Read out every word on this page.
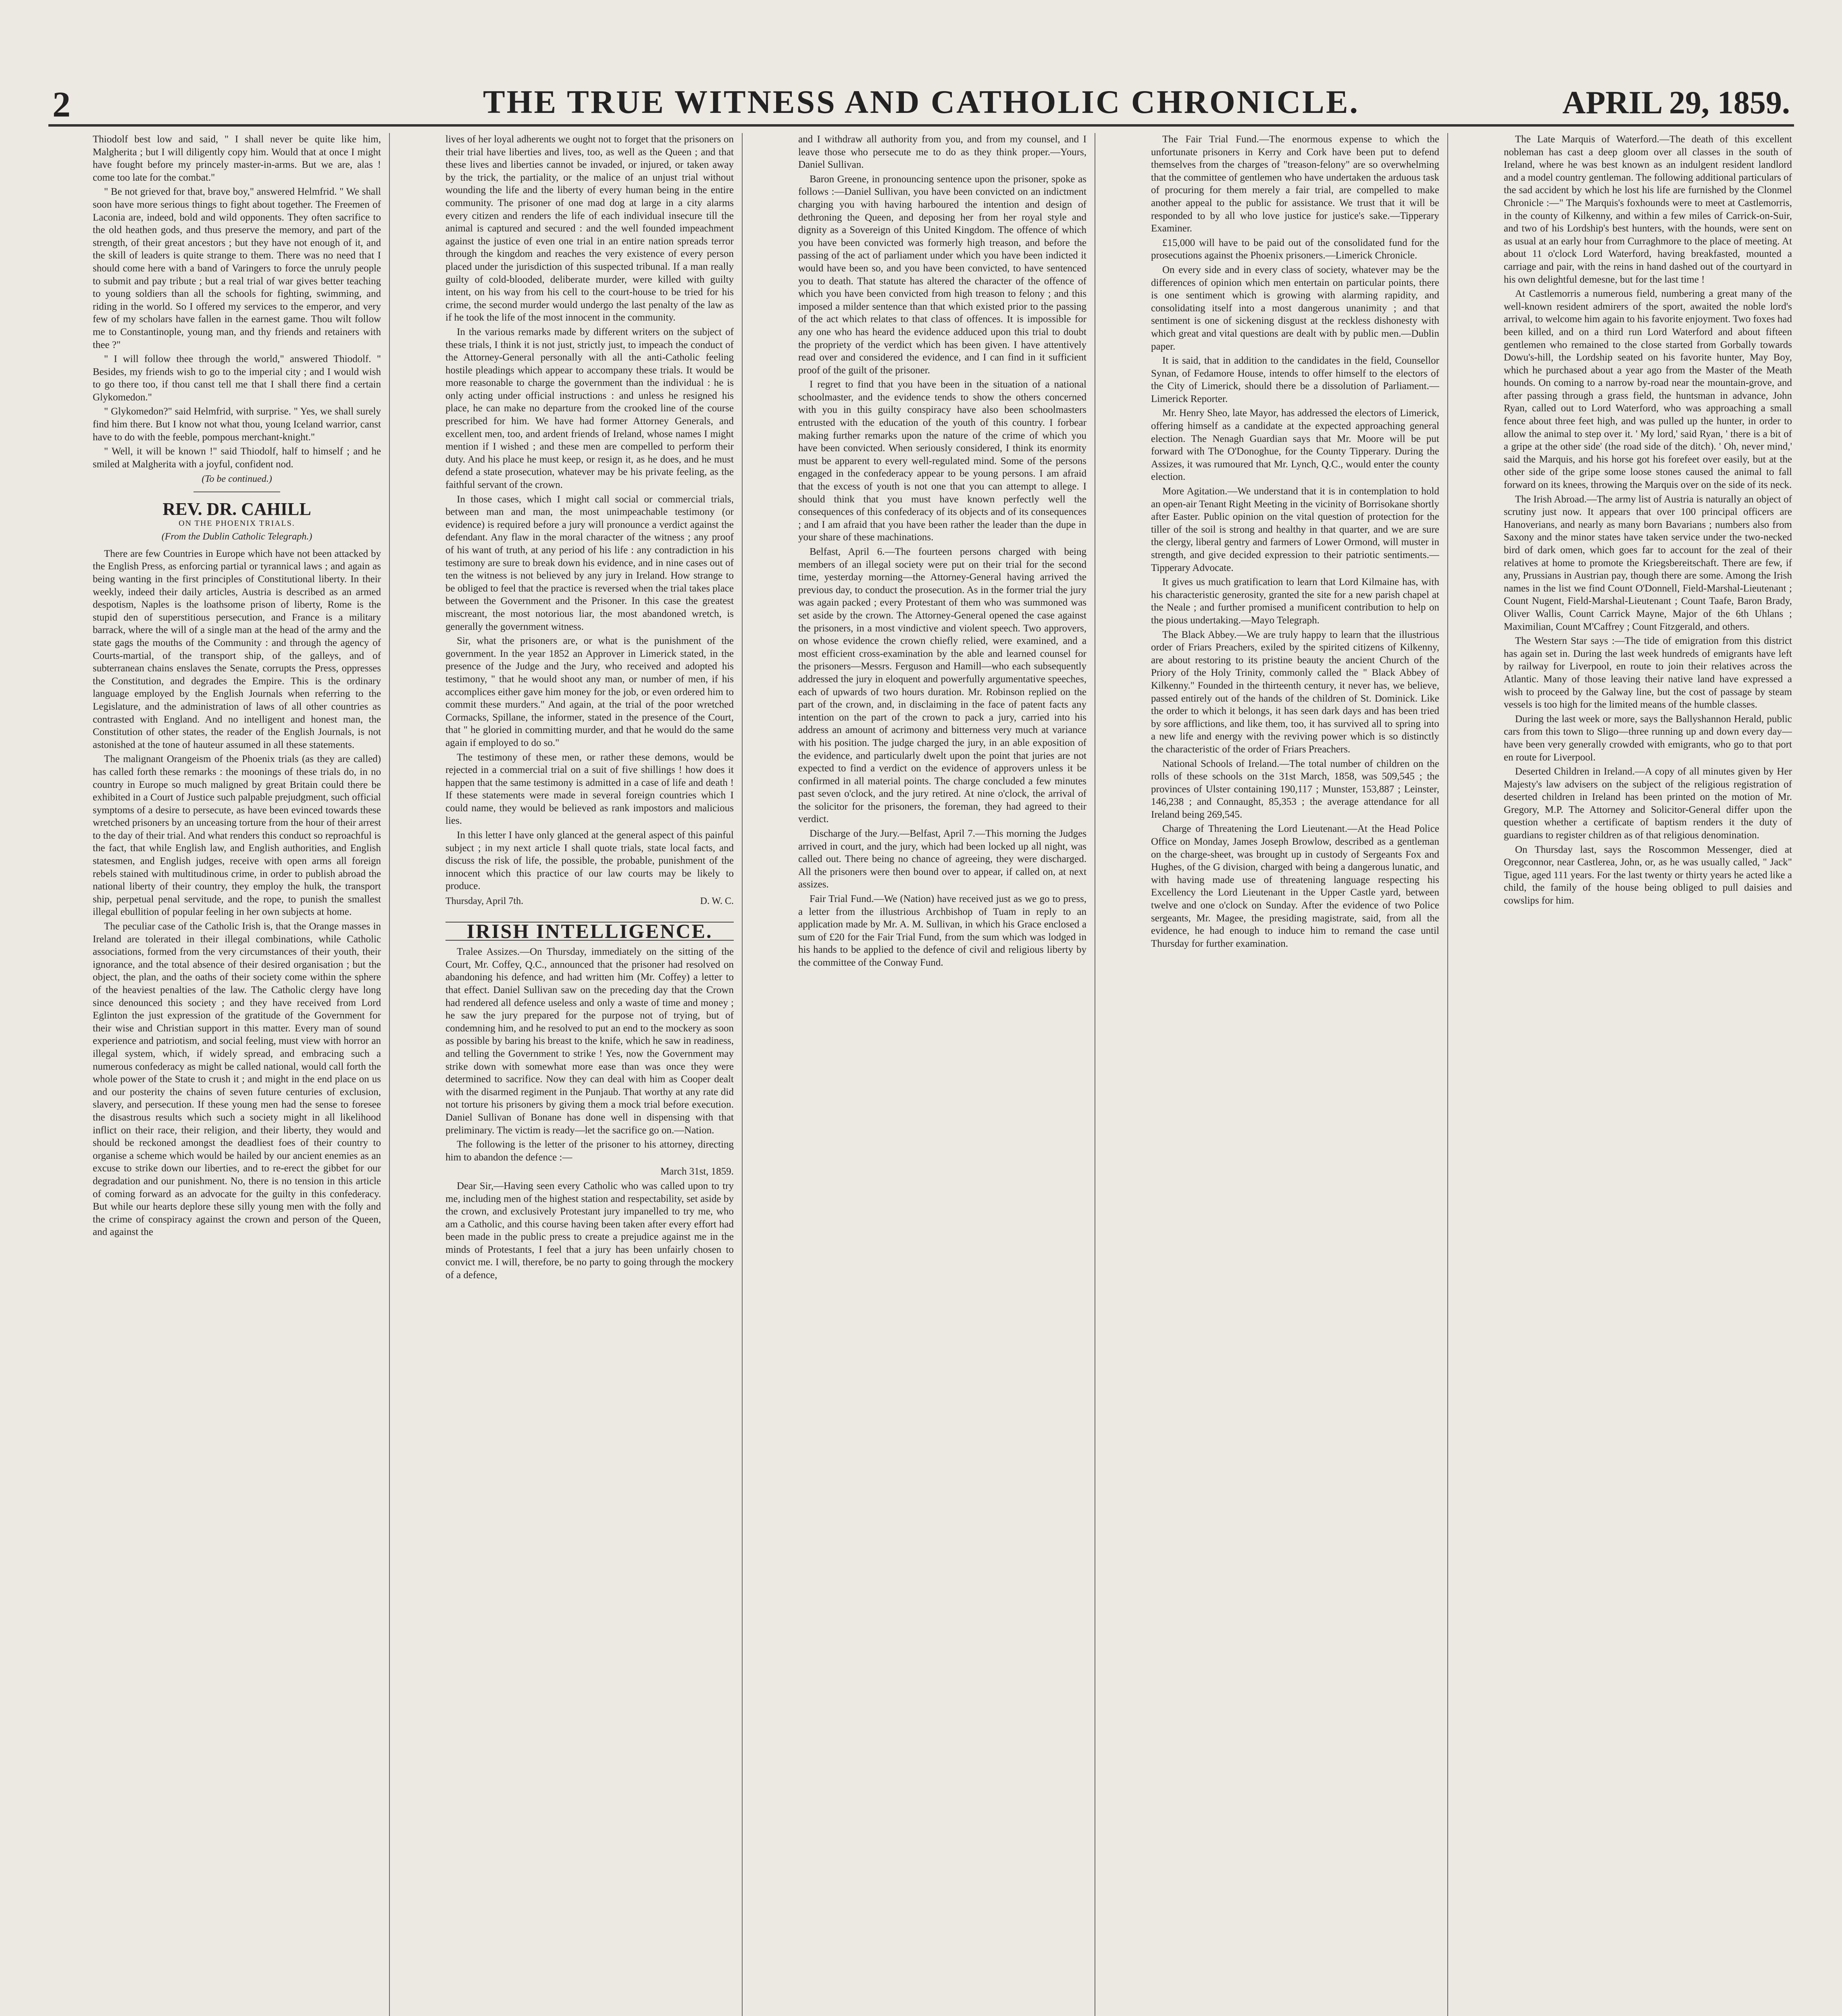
2	THE TRUE WITNESS AND CATHOLIC CHRONICLE.	APRIL 29, 1859.

Thiodolf best low and said, " I shall never be quite like him, Malgherita ; but I will diligently copy him. Would that at once I might have fought before my princely master-in-arms. But we are, alas ! come too late for the combat."

" Be not grieved for that, brave boy," answered Helmfrid. " We shall soon have more serious things to fight about together. The Freemen of Laconia are, indeed, bold and wild opponents. They often sacrifice to the old heathen gods, and thus preserve the memory, and part of the strength, of their great ancestors ; but they have not enough of it, and the skill of leaders is quite strange to them. There was no need that I should come here with a band of Varingers to force the unruly people to submit and pay tribute ; but a real trial of war gives better teaching to young soldiers than all the schools for fighting, swimming, and riding in the world. So I offered my services to the emperor, and very few of my scholars have fallen in the earnest game. Thou wilt follow me to Constantinople, young man, and thy friends and retainers with thee ?"

" I will follow thee through the world," answered Thiodolf. " Besides, my friends wish to go to the imperial city ; and I would wish to go there too, if thou canst tell me that I shall there find a certain Glykomedon."

" Glykomedon?" said Helmfrid, with surprise. " Yes, we shall surely find him there. But I know not what thou, young Iceland warrior, canst have to do with the feeble, pompous merchant-knight."

" Well, it will be known !" said Thiodolf, half to himself ; and he smiled at Malgherita with a joyful, confident nod.

(To be continued.)
REV. DR. CAHILL
ON THE PHOENIX TRIALS.
(From the Dublin Catholic Telegraph.)

There are few Countries in Europe which have not been attacked by the English Press, as enforcing partial or tyrannical laws ; and again as being wanting in the first principles of Constitutional liberty. In their weekly, indeed their daily articles, Austria is described as an armed despotism, Naples is the loathsome prison of liberty, Rome is the stupid den of superstitious persecution, and France is a military barrack, where the will of a single man at the head of the army and the state gags the mouths of the Community : and through the agency of Courts-martial, of the transport ship, of the galleys, and of subterranean chains enslaves the Senate, corrupts the Press, oppresses the Constitution, and degrades the Empire. This is the ordinary language employed by the English Journals when referring to the Legislature, and the administration of laws of all other countries as contrasted with England. And no intelligent and honest man, the Constitution of other states, the reader of the English Journals, is not astonished at the tone of hauteur assumed in all these statements.

The malignant Orangeism of the Phoenix trials (as they are called) has called forth these remarks : the moonings of these trials do, in no country in Europe so much maligned by great Britain could there be exhibited in a Court of Justice such palpable prejudgment, such official symptoms of a desire to persecute, as have been evinced towards these wretched prisoners by an unceasing torture from the hour of their arrest to the day of their trial. And what renders this conduct so reproachful is the fact, that while English law, and English authorities, and English statesmen, and English judges, receive with open arms all foreign rebels stained with multitudinous crime, in order to publish abroad the national liberty of their country, they employ the hulk, the transport ship, perpetual penal servitude, and the rope, to punish the smallest illegal ebullition of popular feeling in her own subjects at home.

The peculiar case of the Catholic Irish is, that the Orange masses in Ireland are tolerated in their illegal combinations, while Catholic associations, formed from the very circumstances of their youth, their ignorance, and the total absence of their desired organisation ; but the object, the plan, and the oaths of their society come within the sphere of the heaviest penalties of the law. The Catholic clergy have long since denounced this society ; and they have received from Lord Eglinton the just expression of the gratitude of the Government for their wise and Christian support in this matter. Every man of sound experience and patriotism, and social feeling, must view with horror an illegal system, which, if widely spread, and embracing such a numerous confederacy as might be called national, would call forth the whole power of the State to crush it ; and might in the end place on us and our posterity the chains of seven future centuries of exclusion, slavery, and persecution. If these young men had the sense to foresee the disastrous results which such a society might in all likelihood inflict on their race, their religion, and their liberty, they would and should be reckoned amongst the deadliest foes of their country to organise a scheme which would be hailed by our ancient enemies as an excuse to strike down our liberties, and to re-erect the gibbet for our degradation and our punishment. No, there is no tension in this article of coming forward as an advocate for the guilty in this confederacy. But while our hearts deplore these silly young men with the folly and the crime of conspiracy against the crown and person of the Queen, and against the

lives of her loyal adherents we ought not to forget that the prisoners on their trial have liberties and lives, too, as well as the Queen ; and that these lives and liberties cannot be invaded, or injured, or taken away by the trick, the partiality, or the malice of an unjust trial without wounding the life and the liberty of every human being in the entire community. The prisoner of one mad dog at large in a city alarms every citizen and renders the life of each individual insecure till the animal is captured and secured : and the well founded impeachment against the justice of even one trial in an entire nation spreads terror through the kingdom and reaches the very existence of every person placed under the jurisdiction of this suspected tribunal. If a man really guilty of cold-blooded, deliberate murder, were killed with guilty intent, on his way from his cell to the court-house to be tried for his crime, the second murder would undergo the last penalty of the law as if he took the life of the most innocent in the community.

In the various remarks made by different writers on the subject of these trials, I think it is not just, strictly just, to impeach the conduct of the Attorney-General personally with all the anti-Catholic feeling hostile pleadings which appear to accompany these trials. It would be more reasonable to charge the government than the individual : he is only acting under official instructions : and unless he resigned his place, he can make no departure from the crooked line of the course prescribed for him. We have had former Attorney Generals, and excellent men, too, and ardent friends of Ireland, whose names I might mention if I wished ; and these men are compelled to perform their duty. And his place he must keep, or resign it, as he does, and he must defend a state prosecution, whatever may be his private feeling, as the faithful servant of the crown.

In those cases, which I might call social or commercial trials, between man and man, the most unimpeachable testimony (or evidence) is required before a jury will pronounce a verdict against the defendant. Any flaw in the moral character of the witness ; any proof of his want of truth, at any period of his life : any contradiction in his testimony are sure to break down his evidence, and in nine cases out of ten the witness is not believed by any jury in Ireland. How strange to be obliged to feel that the practice is reversed when the trial takes place between the Government and the Prisoner. In this case the greatest miscreant, the most notorious liar, the most abandoned wretch, is generally the government witness.

Sir, what the prisoners are, or what is the punishment of the government. In the year 1852 an Approver in Limerick stated, in the presence of the Judge and the Jury, who received and adopted his testimony, " that he would shoot any man, or number of men, if his accomplices either gave him money for the job, or even ordered him to commit these murders." And again, at the trial of the poor wretched Cormacks, Spillane, the informer, stated in the presence of the Court, that " he gloried in committing murder, and that he would do the same again if employed to do so."

The testimony of these men, or rather these demons, would be rejected in a commercial trial on a suit of five shillings ! how does it happen that the same testimony is admitted in a case of life and death ! If these statements were made in several foreign countries which I could name, they would be believed as rank impostors and malicious lies.

In this letter I have only glanced at the general aspect of this painful subject ; in my next article I shall quote trials, state local facts, and discuss the risk of life, the possible, the probable, punishment of the innocent which this practice of our law courts may be likely to produce.

Thursday, April 7th.	D. W. C.
IRISH INTELLIGENCE.

Tralee Assizes.—On Thursday, immediately on the sitting of the Court, Mr. Coffey, Q.C., announced that the prisoner had resolved on abandoning his defence, and had written him (Mr. Coffey) a letter to that effect. Daniel Sullivan saw on the preceding day that the Crown had rendered all defence useless and only a waste of time and money ; he saw the jury prepared for the purpose not of trying, but of condemning him, and he resolved to put an end to the mockery as soon as possible by baring his breast to the knife, which he saw in readiness, and telling the Government to strike ! Yes, now the Government may strike down with somewhat more ease than was once they were determined to sacrifice. Now they can deal with him as Cooper dealt with the disarmed regiment in the Punjaub. That worthy at any rate did not torture his prisoners by giving them a mock trial before execution. Daniel Sullivan of Bonane has done well in dispensing with that preliminary. The victim is ready—let the sacrifice go on.—Nation.

The following is the letter of the prisoner to his attorney, directing him to abandon the defence :—

March 31st, 1859.

Dear Sir,—Having seen every Catholic who was called upon to try me, including men of the highest station and respectability, set aside by the crown, and exclusively Protestant jury impanelled to try me, who am a Catholic, and this course having been taken after every effort had been made in the public press to create a prejudice against me in the minds of Protestants, I feel that a jury has been unfairly chosen to convict me. I will, therefore, be no party to going through the mockery of a defence,

and I withdraw all authority from you, and from my counsel, and I leave those who persecute me to do as they think proper.—Yours, Daniel Sullivan.

Baron Greene, in pronouncing sentence upon the prisoner, spoke as follows :—Daniel Sullivan, you have been convicted on an indictment charging you with having harboured the intention and design of dethroning the Queen, and deposing her from her royal style and dignity as a Sovereign of this United Kingdom. The offence of which you have been convicted was formerly high treason, and before the passing of the act of parliament under which you have been indicted it would have been so, and you have been convicted, to have sentenced you to death. That statute has altered the character of the offence of which you have been convicted from high treason to felony ; and this imposed a milder sentence than that which existed prior to the passing of the act which relates to that class of offences. It is impossible for any one who has heard the evidence adduced upon this trial to doubt the propriety of the verdict which has been given. I have attentively read over and considered the evidence, and I can find in it sufficient proof of the guilt of the prisoner.

I regret to find that you have been in the situation of a national schoolmaster, and the evidence tends to show the others concerned with you in this guilty conspiracy have also been schoolmasters entrusted with the education of the youth of this country. I forbear making further remarks upon the nature of the crime of which you have been convicted. When seriously considered, I think its enormity must be apparent to every well-regulated mind. Some of the persons engaged in the confederacy appear to be young persons. I am afraid that the excess of youth is not one that you can attempt to allege. I should think that you must have known perfectly well the consequences of this confederacy of its objects and of its consequences ; and I am afraid that you have been rather the leader than the dupe in your share of these machinations.

Belfast, April 6.—The fourteen persons charged with being members of an illegal society were put on their trial for the second time, yesterday morning—the Attorney-General having arrived the previous day, to conduct the prosecution. As in the former trial the jury was again packed ; every Protestant of them who was summoned was set aside by the crown. The Attorney-General opened the case against the prisoners, in a most vindictive and violent speech. Two approvers, on whose evidence the crown chiefly relied, were examined, and a most efficient cross-examination by the able and learned counsel for the prisoners—Messrs. Ferguson and Hamill—who each subsequently addressed the jury in eloquent and powerfully argumentative speeches, each of upwards of two hours duration. Mr. Robinson replied on the part of the crown, and, in disclaiming in the face of patent facts any intention on the part of the crown to pack a jury, carried into his address an amount of acrimony and bitterness very much at variance with his position. The judge charged the jury, in an able exposition of the evidence, and particularly dwelt upon the point that juries are not expected to find a verdict on the evidence of approvers unless it be confirmed in all material points. The charge concluded a few minutes past seven o'clock, and the jury retired. At nine o'clock, the arrival of the solicitor for the prisoners, the foreman, they had agreed to their verdict.

Discharge of the Jury.—Belfast, April 7.—This morning the Judges arrived in court, and the jury, which had been locked up all night, was called out. There being no chance of agreeing, they were discharged. All the prisoners were then bound over to appear, if called on, at next assizes.

Fair Trial Fund.—We (Nation) have received just as we go to press, a letter from the illustrious Archbishop of Tuam in reply to an application made by Mr. A. M. Sullivan, in which his Grace enclosed a sum of £20 for the Fair Trial Fund, from the sum which was lodged in his hands to be applied to the defence of civil and religious liberty by the committee of the Conway Fund.

The Fair Trial Fund.—The enormous expense to which the unfortunate prisoners in Kerry and Cork have been put to defend themselves from the charges of "treason-felony" are so overwhelming that the committee of gentlemen who have undertaken the arduous task of procuring for them merely a fair trial, are compelled to make another appeal to the public for assistance. We trust that it will be responded to by all who love justice for justice's sake.—Tipperary Examiner.

£15,000 will have to be paid out of the consolidated fund for the prosecutions against the Phoenix prisoners.—Limerick Chronicle.

On every side and in every class of society, whatever may be the differences of opinion which men entertain on particular points, there is one sentiment which is growing with alarming rapidity, and consolidating itself into a most dangerous unanimity ; and that sentiment is one of sickening disgust at the reckless dishonesty with which great and vital questions are dealt with by public men.—Dublin paper.

It is said, that in addition to the candidates in the field, Counsellor Synan, of Fedamore House, intends to offer himself to the electors of the City of Limerick, should there be a dissolution of Parliament.—Limerick Reporter.

Mr. Henry Sheo, late Mayor, has addressed the electors of Limerick, offering himself as a candidate at the expected approaching general election. The Nenagh Guardian says that Mr. Moore will be put forward with The O'Donoghue, for the County Tipperary. During the Assizes, it was rumoured that Mr. Lynch, Q.C., would enter the county election.

More Agitation.—We understand that it is in contemplation to hold an open-air Tenant Right Meeting in the vicinity of Borrisokane shortly after Easter. Public opinion on the vital question of protection for the tiller of the soil is strong and healthy in that quarter, and we are sure the clergy, liberal gentry and farmers of Lower Ormond, will muster in strength, and give decided expression to their patriotic sentiments.—Tipperary Advocate.

It gives us much gratification to learn that Lord Kilmaine has, with his characteristic generosity, granted the site for a new parish chapel at the Neale ; and further promised a munificent contribution to help on the pious undertaking.—Mayo Telegraph.

The Black Abbey.—We are truly happy to learn that the illustrious order of Friars Preachers, exiled by the spirited citizens of Kilkenny, are about restoring to its pristine beauty the ancient Church of the Priory of the Holy Trinity, commonly called the " Black Abbey of Kilkenny." Founded in the thirteenth century, it never has, we believe, passed entirely out of the hands of the children of St. Dominick. Like the order to which it belongs, it has seen dark days and has been tried by sore afflictions, and like them, too, it has survived all to spring into a new life and energy with the reviving power which is so distinctly the characteristic of the order of Friars Preachers.

National Schools of Ireland.—The total number of children on the rolls of these schools on the 31st March, 1858, was 509,545 ; the provinces of Ulster containing 190,117 ; Munster, 153,887 ; Leinster, 146,238 ; and Connaught, 85,353 ; the average attendance for all Ireland being 269,545.

Charge of Threatening the Lord Lieutenant.—At the Head Police Office on Monday, James Joseph Browlow, described as a gentleman on the charge-sheet, was brought up in custody of Sergeants Fox and Hughes, of the G division, charged with being a dangerous lunatic, and with having made use of threatening language respecting his Excellency the Lord Lieutenant in the Upper Castle yard, between twelve and one o'clock on Sunday. After the evidence of two Police sergeants, Mr. Magee, the presiding magistrate, said, from all the evidence, he had enough to induce him to remand the case until Thursday for further examination.

The Late Marquis of Waterford.—The death of this excellent nobleman has cast a deep gloom over all classes in the south of Ireland, where he was best known as an indulgent resident landlord and a model country gentleman. The following additional particulars of the sad accident by which he lost his life are furnished by the Clonmel Chronicle :—" The Marquis's foxhounds were to meet at Castlemorris, in the county of Kilkenny, and within a few miles of Carrick-on-Suir, and two of his Lordship's best hunters, with the hounds, were sent on as usual at an early hour from Curraghmore to the place of meeting. At about 11 o'clock Lord Waterford, having breakfasted, mounted a carriage and pair, with the reins in hand dashed out of the courtyard in his own delightful demesne, but for the last time !

At Castlemorris a numerous field, numbering a great many of the well-known resident admirers of the sport, awaited the noble lord's arrival, to welcome him again to his favorite enjoyment. Two foxes had been killed, and on a third run Lord Waterford and about fifteen gentlemen who remained to the close started from Gorbally towards Dowu's-hill, the Lordship seated on his favorite hunter, May Boy, which he purchased about a year ago from the Master of the Meath hounds. On coming to a narrow by-road near the mountain-grove, and after passing through a grass field, the huntsman in advance, John Ryan, called out to Lord Waterford, who was approaching a small fence about three feet high, and was pulled up the hunter, in order to allow the animal to step over it. ' My lord,' said Ryan, ' there is a bit of a gripe at the other side' (the road side of the ditch). ' Oh, never mind,' said the Marquis, and his horse got his forefeet over easily, but at the other side of the gripe some loose stones caused the animal to fall forward on its knees, throwing the Marquis over on the side of its neck.

The Irish Abroad.—The army list of Austria is naturally an object of scrutiny just now. It appears that over 100 principal officers are Hanoverians, and nearly as many born Bavarians ; numbers also from Saxony and the minor states have taken service under the two-necked bird of dark omen, which goes far to account for the zeal of their relatives at home to promote the Kriegsbereitschaft. There are few, if any, Prussians in Austrian pay, though there are some. Among the Irish names in the list we find Count O'Donnell, Field-Marshal-Lieutenant ; Count Nugent, Field-Marshal-Lieutenant ; Count Taafe, Baron Brady, Oliver Wallis, Count Carrick Mayne, Major of the 6th Uhlans ; Maximilian, Count M'Caffrey ; Count Fitzgerald, and others.

The Western Star says :—The tide of emigration from this district has again set in. During the last week hundreds of emigrants have left by railway for Liverpool, en route to join their relatives across the Atlantic. Many of those leaving their native land have expressed a wish to proceed by the Galway line, but the cost of passage by steam vessels is too high for the limited means of the humble classes.

During the last week or more, says the Ballyshannon Herald, public cars from this town to Sligo—three running up and down every day—have been very generally crowded with emigrants, who go to that port en route for Liverpool.

Deserted Children in Ireland.—A copy of all minutes given by Her Majesty's law advisers on the subject of the religious registration of deserted children in Ireland has been printed on the motion of Mr. Gregory, M.P. The Attorney and Solicitor-General differ upon the question whether a certificate of baptism renders it the duty of guardians to register children as of that religious denomination.

On Thursday last, says the Roscommon Messenger, died at Oregconnor, near Castlerea, John, or, as he was usually called, " Jack" Tigue, aged 111 years. For the last twenty or thirty years he acted like a child, the family of the house being obliged to pull daisies and cowslips for him.
